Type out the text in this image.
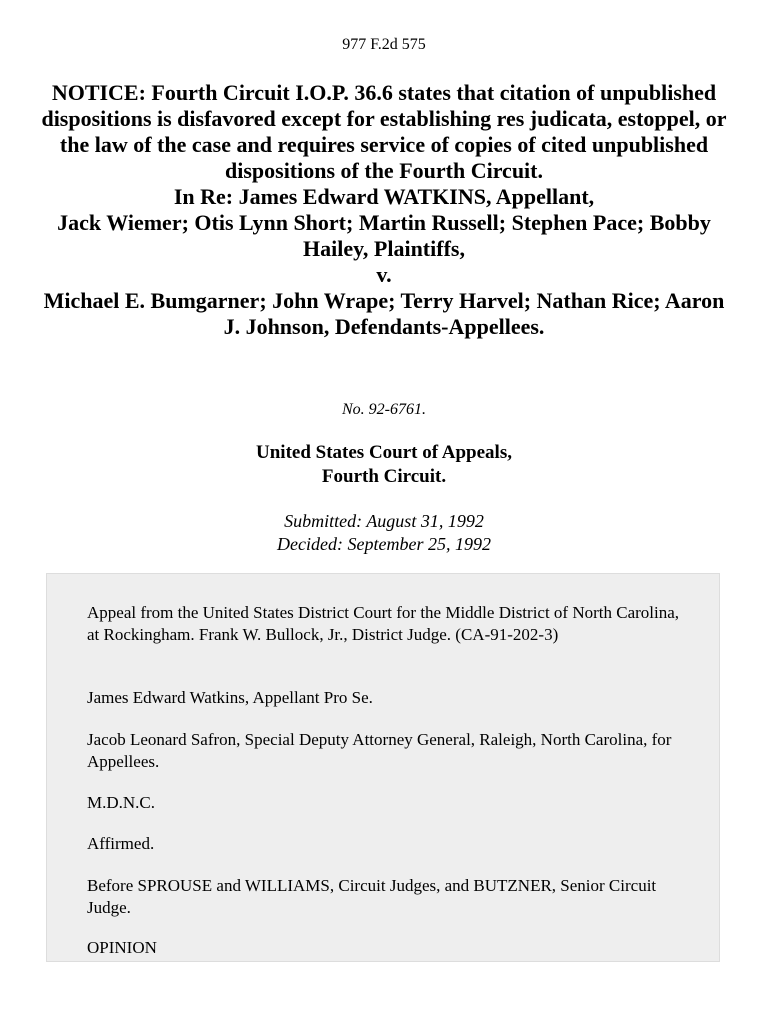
977 F.2d 575
NOTICE: Fourth Circuit I.O.P. 36.6 states that citation of unpublished dispositions is disfavored except for establishing res judicata, estoppel, or the law of the case and requires service of copies of cited unpublished dispositions of the Fourth Circuit.
In Re: James Edward WATKINS, Appellant,
Jack Wiemer; Otis Lynn Short; Martin Russell; Stephen Pace; Bobby Hailey, Plaintiffs,
v.
Michael E. Bumgarner; John Wrape; Terry Harvel; Nathan Rice; Aaron J. Johnson, Defendants-Appellees.
No. 92-6761.
United States Court of Appeals,
Fourth Circuit.
Submitted: August 31, 1992
Decided: September 25, 1992

Appeal from the United States District Court for the Middle District of North Carolina, at Rockingham. Frank W. Bullock, Jr., District Judge. (CA-91-202-3)

James Edward Watkins, Appellant Pro Se.

Jacob Leonard Safron, Special Deputy Attorney General, Raleigh, North Carolina, for Appellees.

M.D.N.C.

Affirmed.

Before SPROUSE and WILLIAMS, Circuit Judges, and BUTZNER, Senior Circuit Judge.

OPINION
